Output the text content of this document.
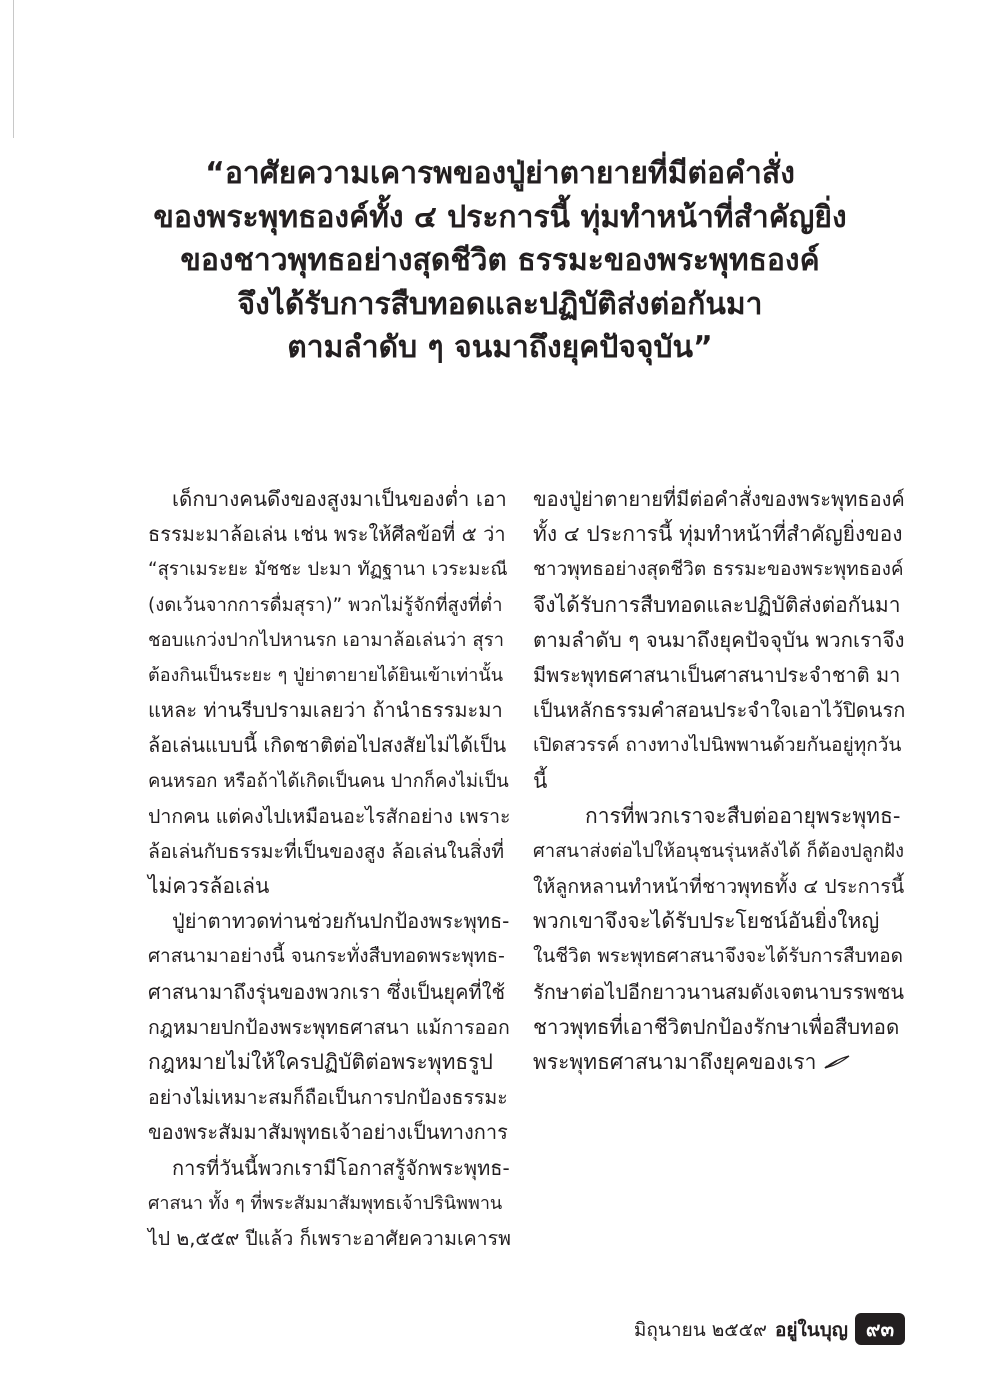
“อาศัยความเคารพของปู่ย่าตายายที่มีต่อคำสั่ง
ของพระพุทธองค์ทั้ง ๔ ประการนี้ ทุ่มทำหน้าที่สำคัญยิ่ง
ของชาวพุทธอย่างสุดชีวิต ธรรมะของพระพุทธองค์
จึงได้รับการสืบทอดและปฏิบัติส่งต่อกันมา
ตามลำดับ ๆ จนมาถึงยุคปัจจุบัน”
เด็กบางคนดึงของสูงมาเป็นของต่ำ เอา
ธรรมะมาล้อเล่น เช่น พระให้ศีลข้อที่ ๕ ว่า
“สุราเมระยะ มัชชะ ปะมา ทัฏฐานา เวระมะณี
(งดเว้นจากการดื่มสุรา)” พวกไม่รู้จักที่สูงที่ต่ำ
ชอบแกว่งปากไปหานรก เอามาล้อเล่นว่า สุรา
ต้องกินเป็นระยะ ๆ ปู่ย่าตายายได้ยินเข้าเท่านั้น
แหละ ท่านรีบปรามเลยว่า ถ้านำธรรมะมา
ล้อเล่นแบบนี้ เกิดชาติต่อไปสงสัยไม่ได้เป็น
คนหรอก หรือถ้าได้เกิดเป็นคน ปากก็คงไม่เป็น
ปากคน แต่คงไปเหมือนอะไรสักอย่าง เพราะ
ล้อเล่นกับธรรมะที่เป็นของสูง ล้อเล่นในสิ่งที่
ไม่ควรล้อเล่น
ปู่ย่าตาทวดท่านช่วยกันปกป้องพระพุทธ-
ศาสนามาอย่างนี้ จนกระทั่งสืบทอดพระพุทธ-
ศาสนามาถึงรุ่นของพวกเรา ซึ่งเป็นยุคที่ใช้
กฎหมายปกป้องพระพุทธศาสนา แม้การออก
กฎหมายไม่ให้ใครปฏิบัติต่อพระพุทธรูป
อย่างไม่เหมาะสมก็ถือเป็นการปกป้องธรรมะ
ของพระสัมมาสัมพุทธเจ้าอย่างเป็นทางการ
การที่วันนี้พวกเรามีโอกาสรู้จักพระพุทธ-
ศาสนา ทั้ง ๆ ที่พระสัมมาสัมพุทธเจ้าปรินิพพาน
ไป ๒,๕๕๙ ปีแล้ว ก็เพราะอาศัยความเคารพ
ของปู่ย่าตายายที่มีต่อคำสั่งของพระพุทธองค์
ทั้ง ๔ ประการนี้ ทุ่มทำหน้าที่สำคัญยิ่งของ
ชาวพุทธอย่างสุดชีวิต ธรรมะของพระพุทธองค์
จึงได้รับการสืบทอดและปฏิบัติส่งต่อกันมา
ตามลำดับ ๆ จนมาถึงยุคปัจจุบัน พวกเราจึง
มีพระพุทธศาสนาเป็นศาสนาประจำชาติ มา
เป็นหลักธรรมคำสอนประจำใจเอาไว้ปิดนรก
เปิดสวรรค์ ถางทางไปนิพพานด้วยกันอยู่ทุกวัน
นี้
การที่พวกเราจะสืบต่ออายุพระพุทธ-
ศาสนาส่งต่อไปให้อนุชนรุ่นหลังได้ ก็ต้องปลูกฝัง
ให้ลูกหลานทำหน้าที่ชาวพุทธทั้ง ๔ ประการนี้
พวกเขาจึงจะได้รับประโยชน์อันยิ่งใหญ่
ในชีวิต พระพุทธศาสนาจึงจะได้รับการสืบทอด
รักษาต่อไปอีกยาวนานสมดังเจตนาบรรพชน
ชาวพุทธที่เอาชีวิตปกป้องรักษาเพื่อสืบทอด
พระพุทธศาสนามาถึงยุคของเรา
มิถุนายน ๒๕๕๙ อยู่ในบุญ ๙๓
